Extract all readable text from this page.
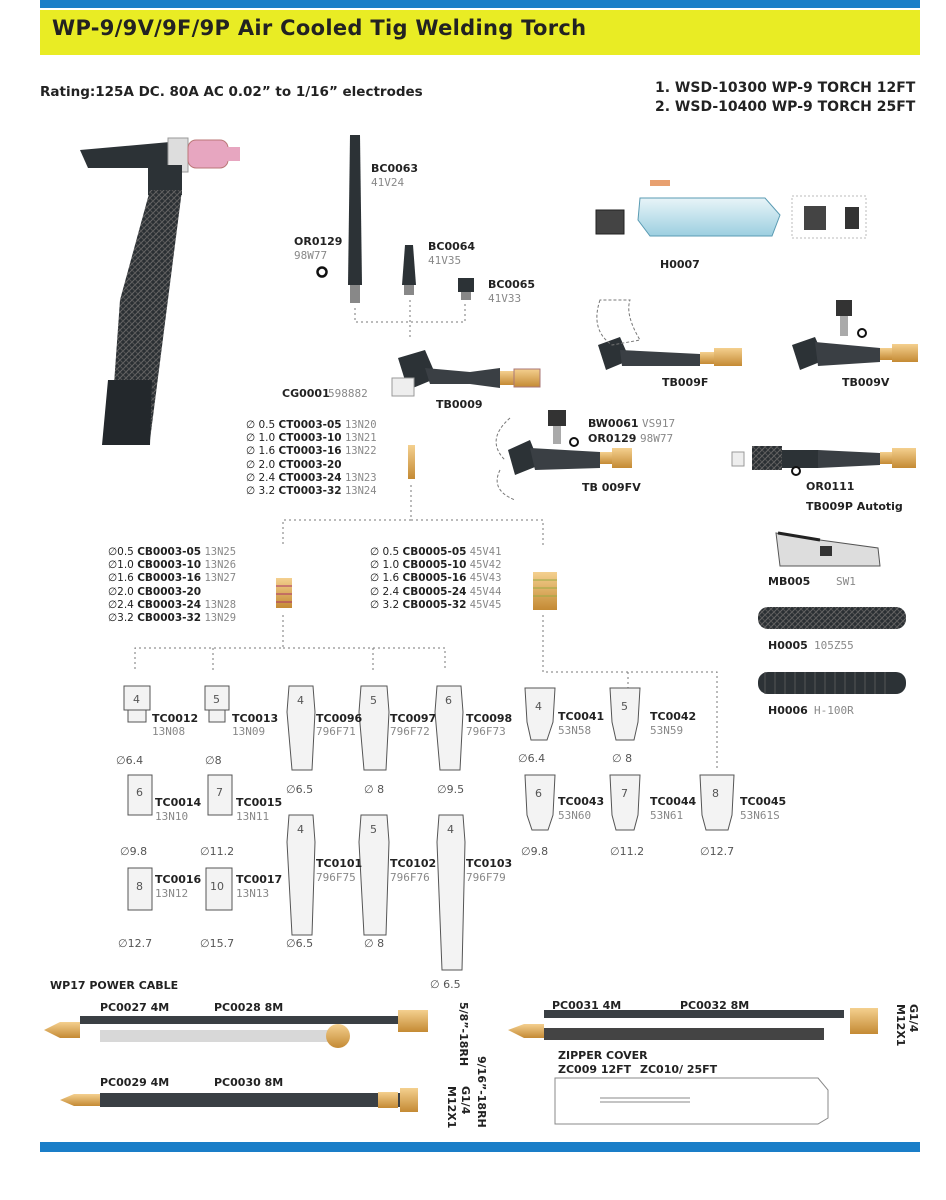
WP-9/9V/9F/9P Air Cooled Tig Welding Torch
Rating:125A DC. 80A AC 0.02” to 1/16” electrodes	1. WSD-10300 WP-9 TORCH 12FT
2. WSD-10400 WP-9 TORCH 25FT
BC0063
41V24
BC0064
41V35
BC0065
41V33
OR0129
98W77
CG0001
598882
TB0009
H0007
TB009F	TB009V
BW0061 VS917
OR0129 98W77
TB 009FV	OR0111
TB009P Autotig
MB005 SW1
H0005 105Z55
H0006 H-100R
∅ 0.5 CT0003-05 13N20
∅ 1.0 CT0003-10 13N21
∅ 1.6 CT0003-16 13N22
∅ 2.0 CT0003-20
∅ 2.4 CT0003-24 13N23
∅ 3.2 CT0003-32 13N24
∅0.5 CB0003-05 13N25
∅1.0 CB0003-10 13N26
∅1.6 CB0003-16 13N27
∅2.0 CB0003-20
∅2.4 CB0003-24 13N28
∅3.2 CB0003-32 13N29
∅ 0.5 CB0005-05 45V41
∅ 1.0 CB0005-10 45V42
∅ 1.6 CB0005-16 45V43
∅ 2.4 CB0005-24 45V44
∅ 3.2 CB0005-32 45V45
4
TC0012
13N08
∅6.4
5
TC0013
13N09
∅8
6
TC0014
13N10
∅9.8
7
TC0015
13N11
∅11.2
8
TC0016
13N12
∅12.7
10
TC0017
13N13
∅15.7
4
TC0096
796F71
∅6.5
5
TC0097
796F72
∅ 8
6
TC0098
796F73
∅9.5
4
TC0101
796F75
∅6.5
5
TC0102
796F76
∅ 8
4
TC0103
796F79
∅ 6.5
4
TC0041
53N58
∅6.4
5
TC0042
53N59
∅ 8
6
TC0043
53N60
∅9.8
7
TC0044
53N61
∅11.2
8
TC0045
53N61S
∅12.7
WP17 POWER CABLE
PC0027 4M	PC0028 8M
PC0029 4M	PC0030 8M
PC0031 4M	PC0032 8M
5/8”-18RH
9/16”-18RH
G1/4
M12X1
G1/4
M12X1
ZIPPER COVER
ZC009 12FT ZC010/ 25FT
